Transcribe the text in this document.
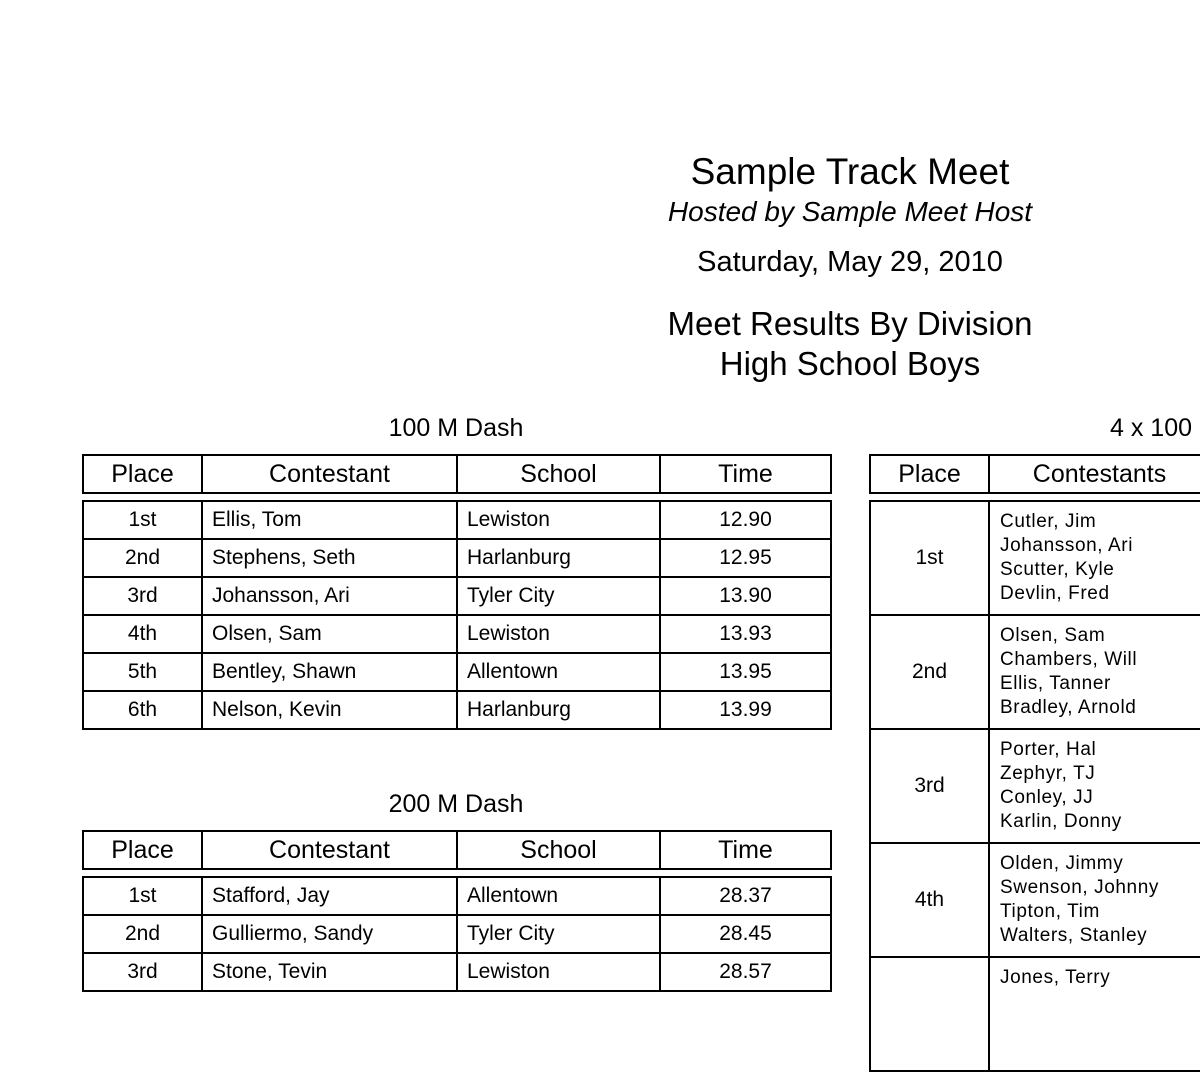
Sample Track Meet
Hosted by Sample Meet Host
Saturday, May 29, 2010
Meet Results By Division
High School Boys
100 M Dash
Place	Contestant	School	Time
1st	Ellis, Tom	Lewiston	12.90
2nd	Stephens, Seth	Harlanburg	12.95
3rd	Johansson, Ari	Tyler City	13.90
4th	Olsen, Sam	Lewiston	13.93
5th	Bentley, Shawn	Allentown	13.95
6th	Nelson, Kevin	Harlanburg	13.99
200 M Dash
Place	Contestant	School	Time
1st	Stafford, Jay	Allentown	28.37
2nd	Gulliermo, Sandy	Tyler City	28.45
3rd	Stone, Tevin	Lewiston	28.57
4 x 100
Place	Contestants
1st	Cutler, Jim
Johansson, Ari
Scutter, Kyle
Devlin, Fred

2nd	Olsen, Sam
Chambers, Will
Ellis, Tanner
Bradley, Arnold

3rd	Porter, Hal
Zephyr, TJ
Conley, JJ
Karlin, Donny

4th	Olden, Jimmy
Swenson, Johnny
Tipton, Tim
Walters, Stanley

	Jones, Terry
